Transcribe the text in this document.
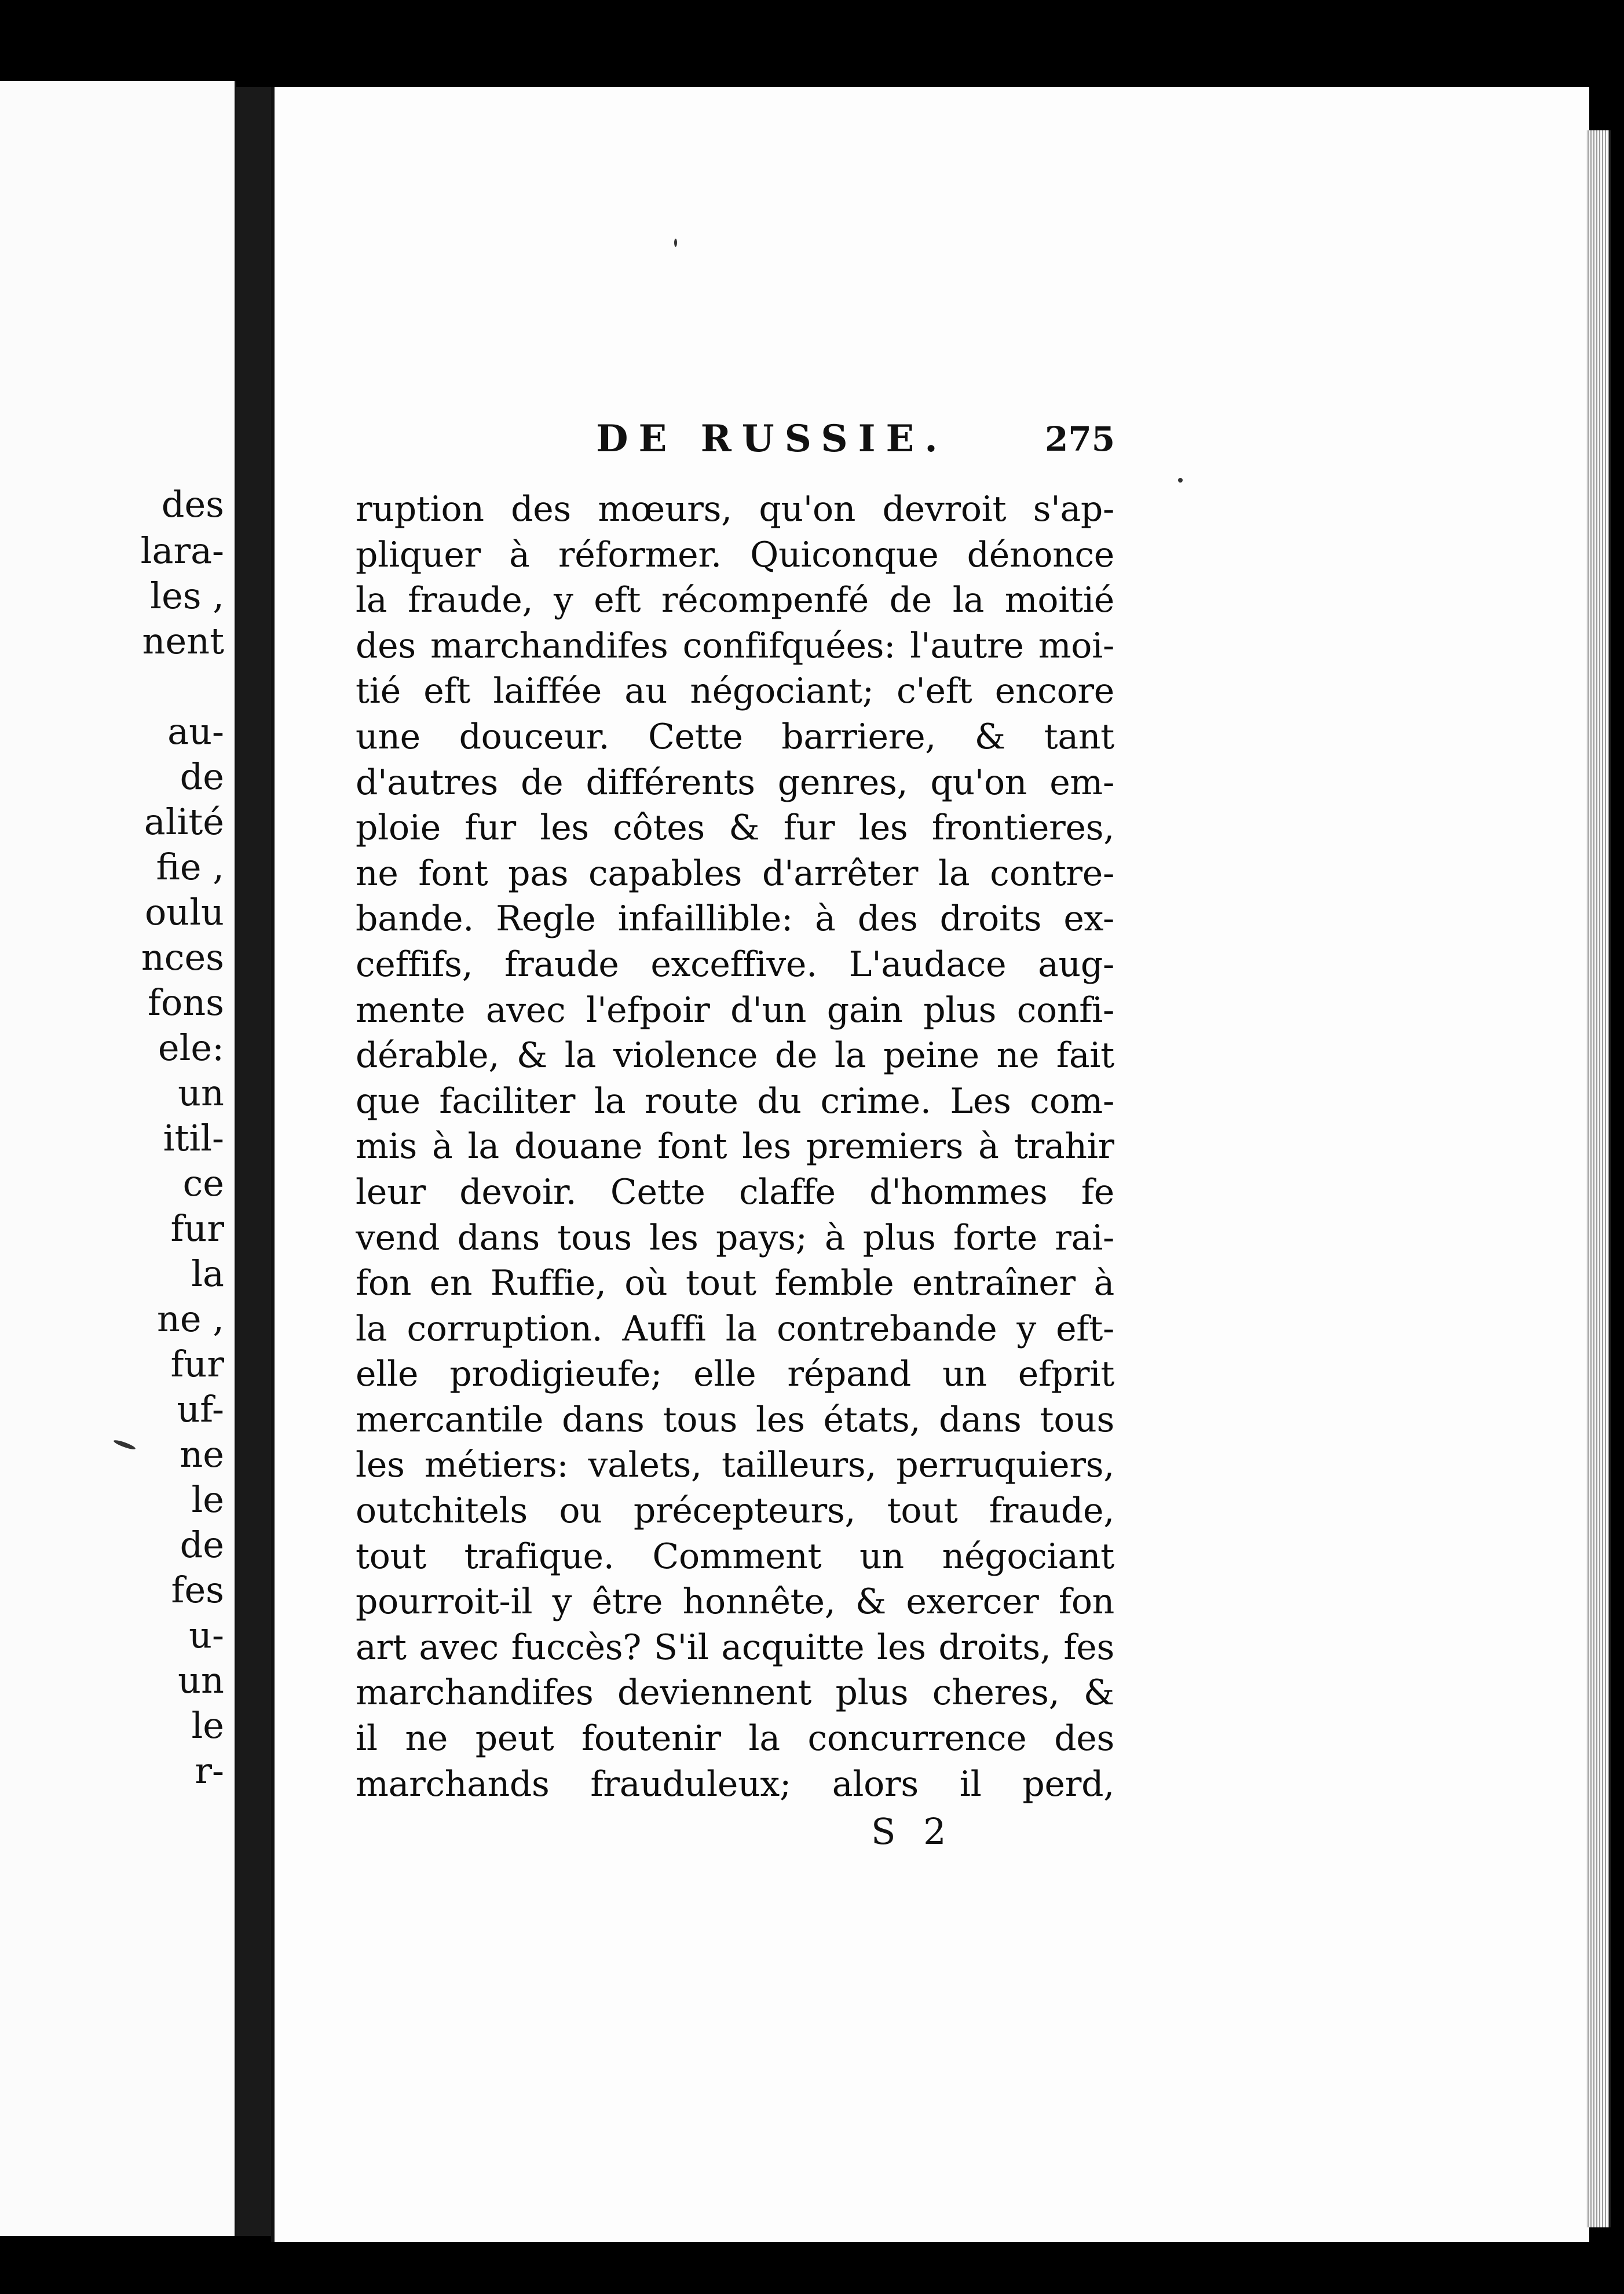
des
lara-
les ,
nent
au-
de
alité
fie ,
oulu
nces
fons
ele:
un
itil-
ce
fur
la
ne ,
fur
uf-
ne
le
de
fes
u-
un
le
r-
DE RUSSIE.	275
ruption des mœurs, qu'on devroit s'ap-
pliquer à réformer. Quiconque dénonce
la fraude, y eft récompenfé de la moitié
des marchandifes confifquées: l'autre moi-
tié eft laiffée au négociant; c'eft encore
une douceur. Cette barriere, & tant
d'autres de différents genres, qu'on em-
ploie fur les côtes & fur les frontieres,
ne font pas capables d'arrêter la contre-
bande. Regle infaillible: à des droits ex-
ceffifs, fraude exceffive. L'audace aug-
mente avec l'efpoir d'un gain plus confi-
dérable, & la violence de la peine ne fait
que faciliter la route du crime. Les com-
mis à la douane font les premiers à trahir
leur devoir. Cette claffe d'hommes fe
vend dans tous les pays; à plus forte rai-
fon en Ruffie, où tout femble entraîner à
la corruption. Auffi la contrebande y eft-
elle prodigieufe; elle répand un efprit
mercantile dans tous les états, dans tous
les métiers: valets, tailleurs, perruquiers,
outchitels ou précepteurs, tout fraude,
tout trafique. Comment un négociant
pourroit-il y être honnête, & exercer fon
art avec fuccès? S'il acquitte les droits, fes
marchandifes deviennent plus cheres, &
il ne peut foutenir la concurrence des
marchands frauduleux; alors il perd,
S 2
